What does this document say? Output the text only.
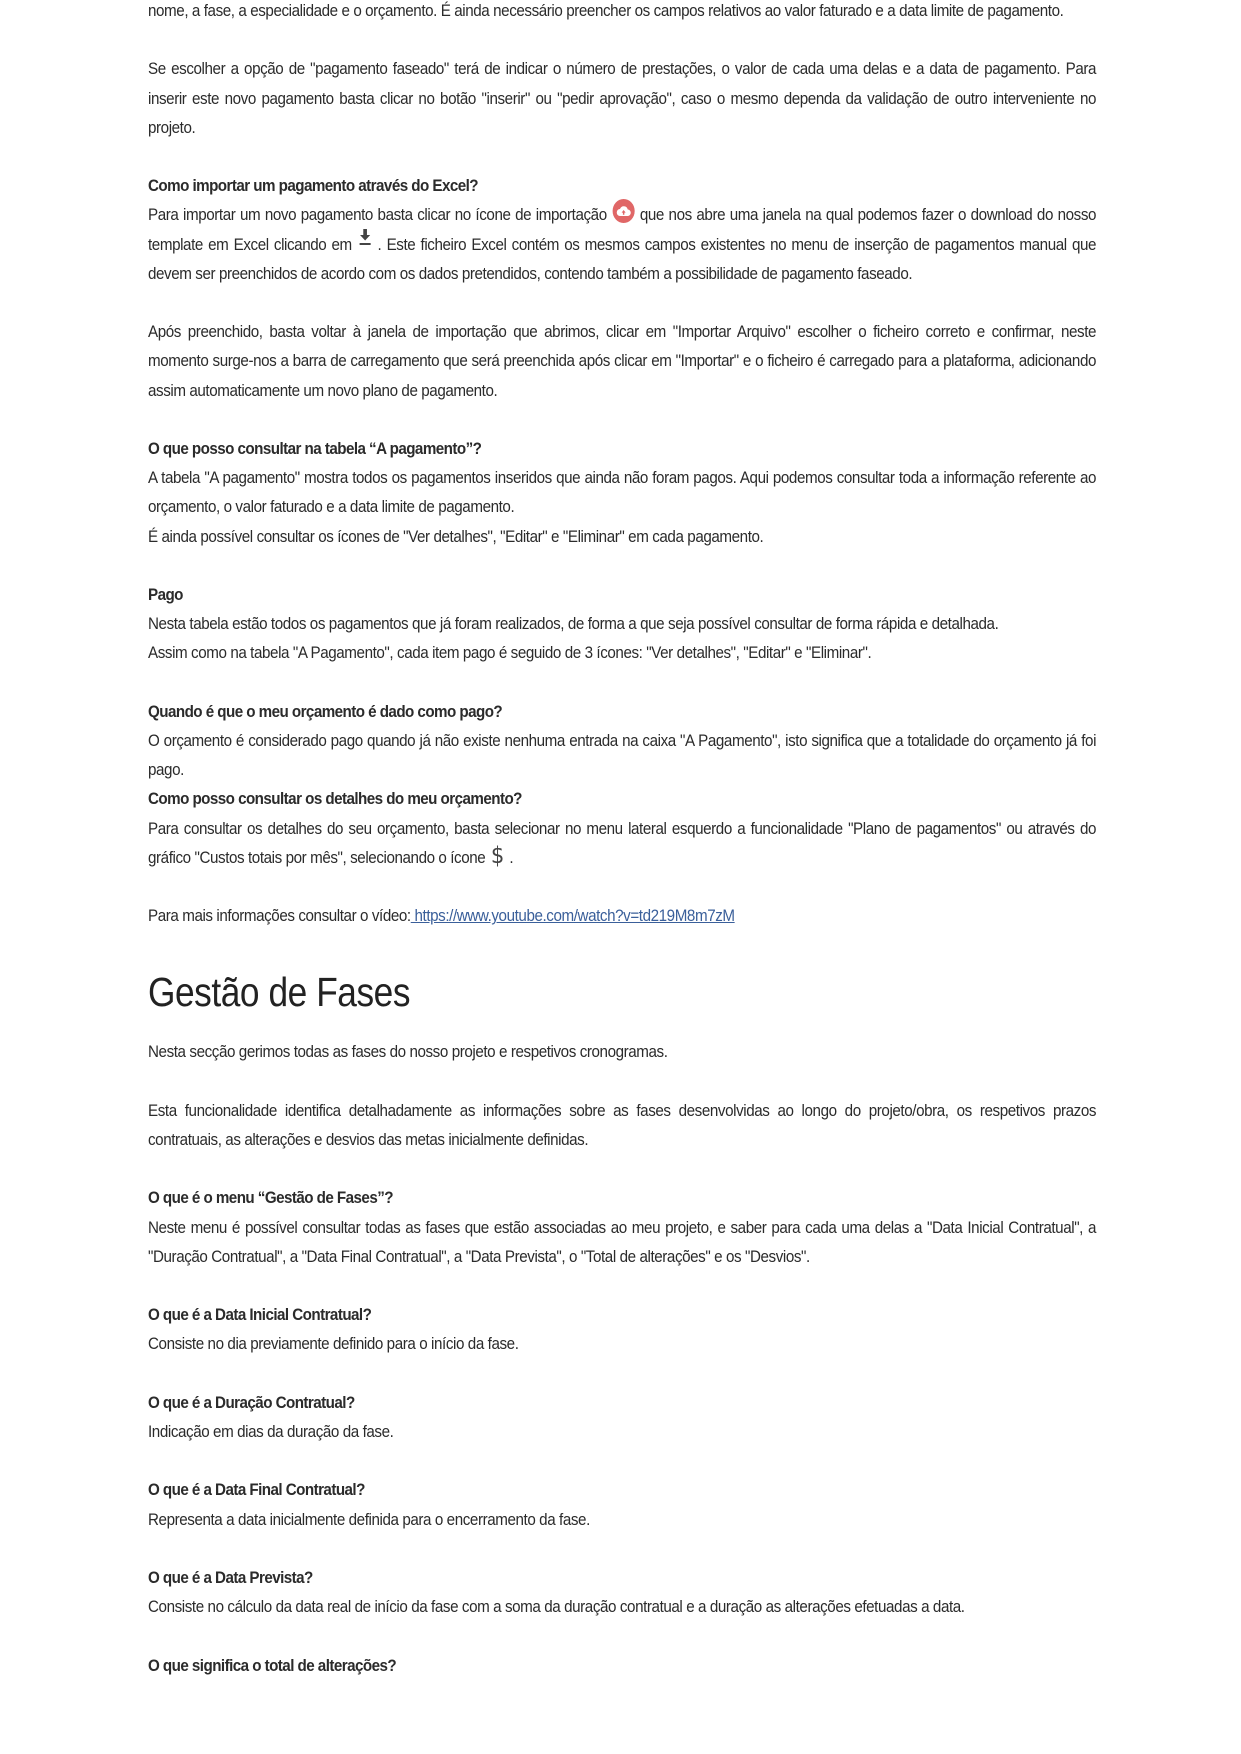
nome, a fase, a especialidade e o orçamento. É ainda necessário preencher os campos relativos ao valor faturado e a data limite de pagamento.

Se escolher a opção de "pagamento faseado" terá de indicar o número de prestações, o valor de cada uma delas e a data de pagamento. Para inserir este novo pagamento basta clicar no botão "inserir" ou "pedir aprovação", caso o mesmo dependa da validação de outro interveniente no projeto.

Como importar um pagamento através do Excel?

Para importar um novo pagamento basta clicar no ícone de importação que nos abre uma janela na qual podemos fazer o download do nosso template em Excel clicando em . Este ficheiro Excel contém os mesmos campos existentes no menu de inserção de pagamentos manual que devem ser preenchidos de acordo com os dados pretendidos, contendo também a possibilidade de pagamento faseado.

Após preenchido, basta voltar à janela de importação que abrimos, clicar em "Importar Arquivo" escolher o ficheiro correto e confirmar, neste momento surge-nos a barra de carregamento que será preenchida após clicar em "Importar" e o ficheiro é carregado para a plataforma, adicionando assim automaticamente um novo plano de pagamento.

O que posso consultar na tabela “A pagamento”?

A tabela "A pagamento" mostra todos os pagamentos inseridos que ainda não foram pagos. Aqui podemos consultar toda a informação referente ao orçamento, o valor faturado e a data limite de pagamento.

É ainda possível consultar os ícones de "Ver detalhes", "Editar" e "Eliminar" em cada pagamento.

Pago

Nesta tabela estão todos os pagamentos que já foram realizados, de forma a que seja possível consultar de forma rápida e detalhada.

Assim como na tabela "A Pagamento", cada item pago é seguido de 3 ícones: "Ver detalhes", "Editar" e "Eliminar".

Quando é que o meu orçamento é dado como pago?

O orçamento é considerado pago quando já não existe nenhuma entrada na caixa "A Pagamento", isto significa que a totalidade do orçamento já foi pago.

Como posso consultar os detalhes do meu orçamento?

Para consultar os detalhes do seu orçamento, basta selecionar no menu lateral esquerdo a funcionalidade "Plano de pagamentos" ou através do gráfico "Custos totais por mês", selecionando o ícone $ .

Para mais informações consultar o vídeo: https://www.youtube.com/watch?v=td219M8m7zM

Gestão de Fases

Nesta secção gerimos todas as fases do nosso projeto e respetivos cronogramas.

Esta funcionalidade identifica detalhadamente as informações sobre as fases desenvolvidas ao longo do projeto/obra, os respetivos prazos contratuais, as alterações e desvios das metas inicialmente definidas.

O que é o menu “Gestão de Fases”?

Neste menu é possível consultar todas as fases que estão associadas ao meu projeto, e saber para cada uma delas a "Data Inicial Contratual", a "Duração Contratual", a "Data Final Contratual", a "Data Prevista", o "Total de alterações" e os "Desvios".

O que é a Data Inicial Contratual?

Consiste no dia previamente definido para o início da fase.

O que é a Duração Contratual?

Indicação em dias da duração da fase.

O que é a Data Final Contratual?

Representa a data inicialmente definida para o encerramento da fase.

O que é a Data Prevista?

Consiste no cálculo da data real de início da fase com a soma da duração contratual e a duração as alterações efetuadas a data.

O que significa o total de alterações?
